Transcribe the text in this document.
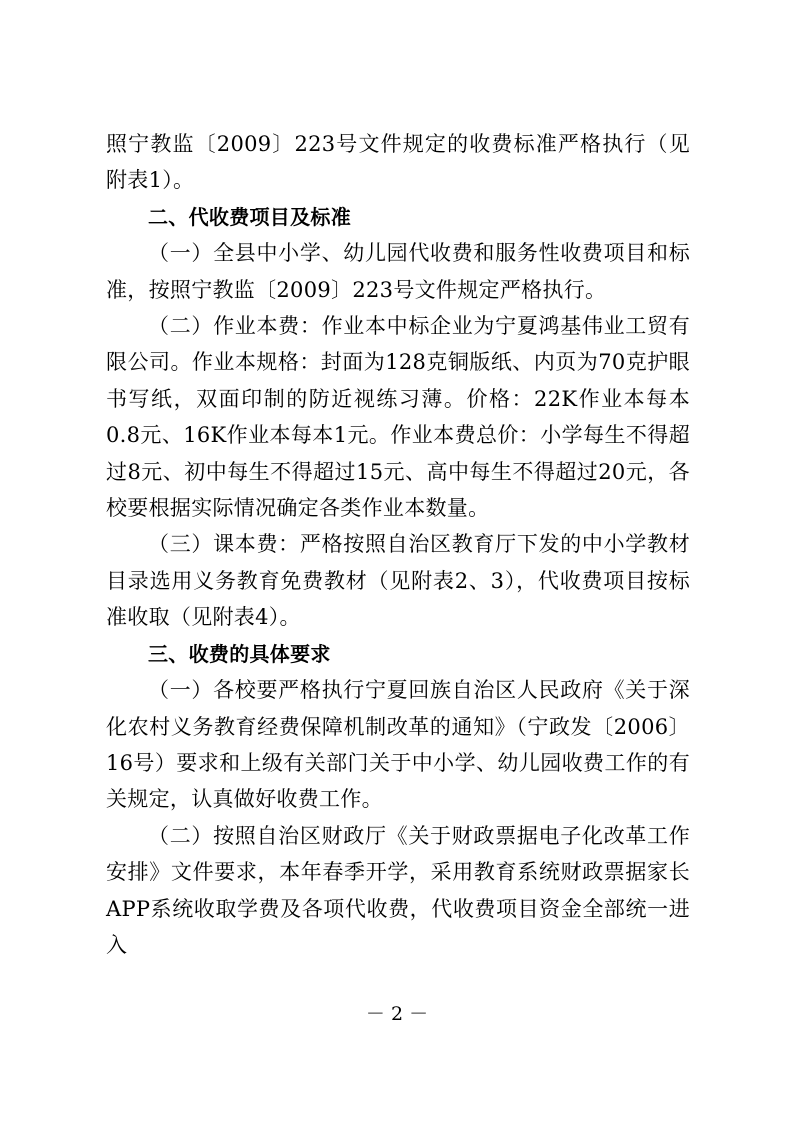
照宁教监〔2009〕223号文件规定的收费标准严格执行（见附表1）。

二、代收费项目及标准

（一）全县中小学、幼儿园代收费和服务性收费项目和标准，按照宁教监〔2009〕223号文件规定严格执行。

（二）作业本费：作业本中标企业为宁夏鸿基伟业工贸有限公司。作业本规格：封面为128克铜版纸、内页为70克护眼书写纸，双面印制的防近视练习薄。价格：22K作业本每本0.8元、16K作业本每本1元。作业本费总价：小学每生不得超过8元、初中每生不得超过15元、高中每生不得超过20元，各校要根据实际情况确定各类作业本数量。

（三）课本费：严格按照自治区教育厅下发的中小学教材目录选用义务教育免费教材（见附表2、3），代收费项目按标准收取（见附表4）。

三、收费的具体要求

（一）各校要严格执行宁夏回族自治区人民政府《关于深化农村义务教育经费保障机制改革的通知》（宁政发〔2006〕16号）要求和上级有关部门关于中小学、幼儿园收费工作的有关规定，认真做好收费工作。

（二）按照自治区财政厅《关于财政票据电子化改革工作安排》文件要求，本年春季开学，采用教育系统财政票据家长APP系统收取学费及各项代收费，代收费项目资金全部统一进入

－ 2 －
